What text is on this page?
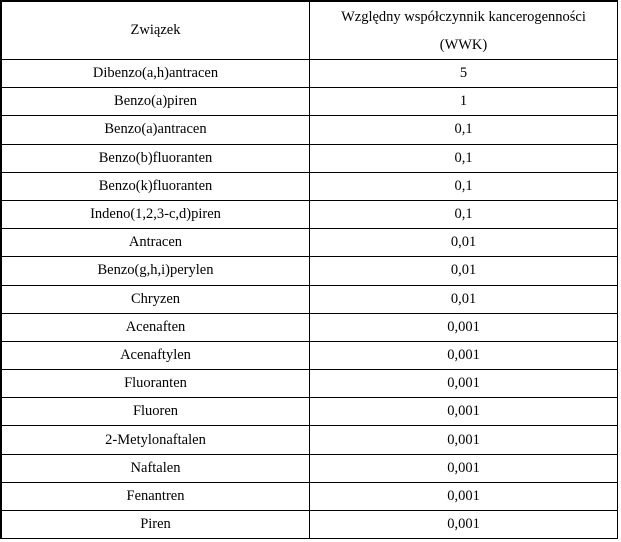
Związek	Względny współczynnik kancerogenności
(WWK)
Dibenzo(a,h)antracen	5
Benzo(a)piren	1
Benzo(a)antracen	0,1
Benzo(b)fluoranten	0,1
Benzo(k)fluoranten	0,1
Indeno(1,2,3-c,d)piren	0,1
Antracen	0,01
Benzo(g,h,i)perylen	0,01
Chryzen	0,01
Acenaften	0,001
Acenaftylen	0,001
Fluoranten	0,001
Fluoren	0,001
2-Metylonaftalen	0,001
Naftalen	0,001
Fenantren	0,001
Piren	0,001
